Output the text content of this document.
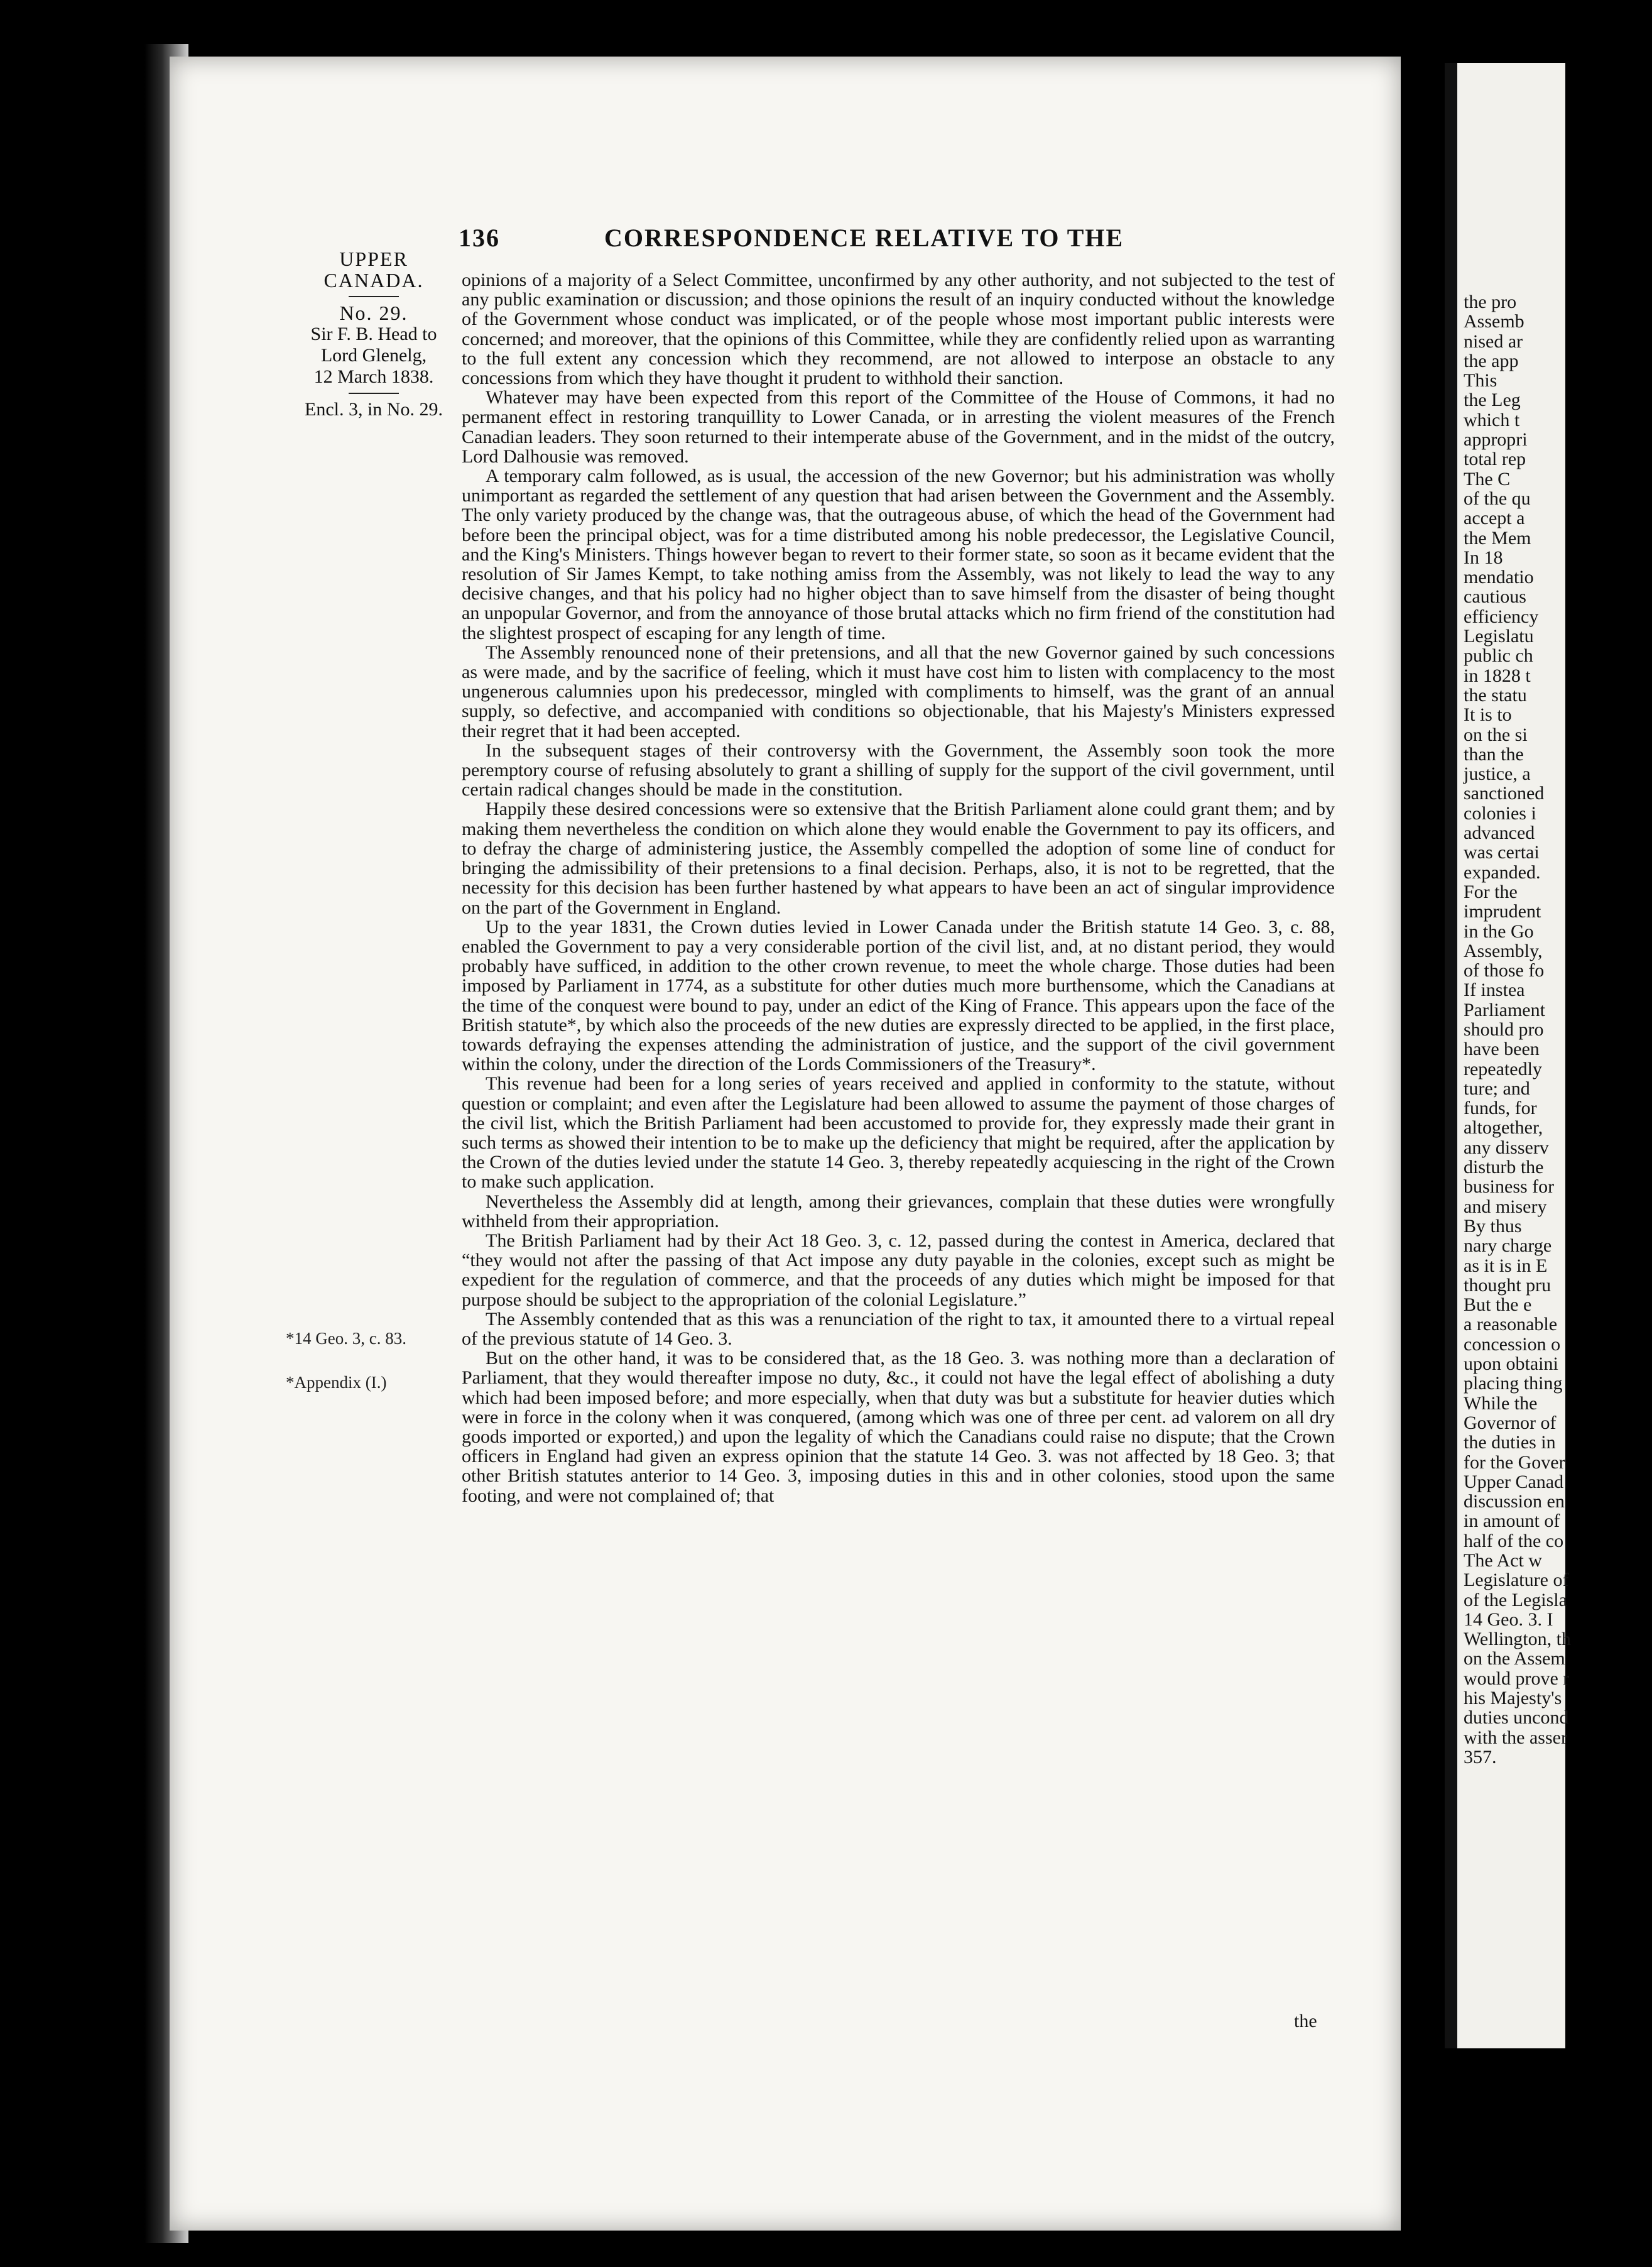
136	CORRESPONDENCE RELATIVE TO THE
UPPER
CANADA.
No. 29.
Sir F. B. Head to
Lord Glenelg,
12 March 1838.
Encl. 3, in No. 29.
*14 Geo. 3, c. 83.
*Appendix (I.)

opinions of a majority of a Select Committee, unconfirmed by any other authority, and not subjected to the test of any public examination or discussion; and those opinions the result of an inquiry conducted without the knowledge of the Government whose conduct was implicated, or of the people whose most important public interests were concerned; and moreover, that the opinions of this Committee, while they are confidently relied upon as warranting to the full extent any concession which they recommend, are not allowed to interpose an obstacle to any concessions from which they have thought it prudent to withhold their sanction.

Whatever may have been expected from this report of the Committee of the House of Commons, it had no permanent effect in restoring tranquillity to Lower Canada, or in arresting the violent measures of the French Canadian leaders. They soon returned to their intemperate abuse of the Government, and in the midst of the outcry, Lord Dalhousie was removed.

A temporary calm followed, as is usual, the accession of the new Governor; but his administration was wholly unimportant as regarded the settlement of any question that had arisen between the Government and the Assembly. The only variety produced by the change was, that the outrageous abuse, of which the head of the Government had before been the principal object, was for a time distributed among his noble predecessor, the Legislative Council, and the King's Ministers. Things however began to revert to their former state, so soon as it became evident that the resolution of Sir James Kempt, to take nothing amiss from the Assembly, was not likely to lead the way to any decisive changes, and that his policy had no higher object than to save himself from the disaster of being thought an unpopular Governor, and from the annoyance of those brutal attacks which no firm friend of the constitution had the slightest prospect of escaping for any length of time.

The Assembly renounced none of their pretensions, and all that the new Governor gained by such concessions as were made, and by the sacrifice of feeling, which it must have cost him to listen with complacency to the most ungenerous calumnies upon his predecessor, mingled with compliments to himself, was the grant of an annual supply, so defective, and accompanied with conditions so objectionable, that his Majesty's Ministers expressed their regret that it had been accepted.

In the subsequent stages of their controversy with the Government, the Assembly soon took the more peremptory course of refusing absolutely to grant a shilling of supply for the support of the civil government, until certain radical changes should be made in the constitution.

Happily these desired concessions were so extensive that the British Parliament alone could grant them; and by making them nevertheless the condition on which alone they would enable the Government to pay its officers, and to defray the charge of administering justice, the Assembly compelled the adoption of some line of conduct for bringing the admissibility of their pretensions to a final decision. Perhaps, also, it is not to be regretted, that the necessity for this decision has been further hastened by what appears to have been an act of singular improvidence on the part of the Government in England.

Up to the year 1831, the Crown duties levied in Lower Canada under the British statute 14 Geo. 3, c. 88, enabled the Government to pay a very considerable portion of the civil list, and, at no distant period, they would probably have sufficed, in addition to the other crown revenue, to meet the whole charge. Those duties had been imposed by Parliament in 1774, as a substitute for other duties much more burthensome, which the Canadians at the time of the conquest were bound to pay, under an edict of the King of France. This appears upon the face of the British statute*, by which also the proceeds of the new duties are expressly directed to be applied, in the first place, towards defraying the expenses attending the administration of justice, and the support of the civil government within the colony, under the direction of the Lords Commissioners of the Treasury*.

This revenue had been for a long series of years received and applied in conformity to the statute, without question or complaint; and even after the Legislature had been allowed to assume the payment of those charges of the civil list, which the British Parliament had been accustomed to provide for, they expressly made their grant in such terms as showed their intention to be to make up the deficiency that might be required, after the application by the Crown of the duties levied under the statute 14 Geo. 3, thereby repeatedly acquiescing in the right of the Crown to make such application.

Nevertheless the Assembly did at length, among their grievances, complain that these duties were wrongfully withheld from their appropriation.

The British Parliament had by their Act 18 Geo. 3, c. 12, passed during the contest in America, declared that “they would not after the passing of that Act impose any duty payable in the colonies, except such as might be expedient for the regulation of commerce, and that the proceeds of any duties which might be imposed for that purpose should be subject to the appropriation of the colonial Legislature.”

The Assembly contended that as this was a renunciation of the right to tax, it amounted there to a virtual repeal of the previous statute of 14 Geo. 3.

But on the other hand, it was to be considered that, as the 18 Geo. 3. was nothing more than a declaration of Parliament, that they would thereafter impose no duty, &c., it could not have the legal effect of abolishing a duty which had been imposed before; and more especially, when that duty was but a substitute for heavier duties which were in force in the colony when it was conquered, (among which was one of three per cent. ad valorem on all dry goods imported or exported,) and upon the legality of which the Canadians could raise no dispute; that the Crown officers in England had given an express opinion that the statute 14 Geo. 3. was not affected by 18 Geo. 3; that other British statutes anterior to 14 Geo. 3, imposing duties in this and in other colonies, stood upon the same footing, and were not complained of; that

the
the pro
Assemb
nised ar
the app
This
the Leg
which t
appropri
total rep
The C
of the qu
accept a
the Mem
In 18
mendatio
cautious
efficiency
Legislatu
public ch
in 1828 t
the statu
It is to
on the si
than the
justice, a
sanctioned
colonies i
advanced
was certai
expanded.
For the
imprudent
in the Go
Assembly,
of those fo
If instea
Parliament
should pro
have been
repeatedly
ture; and
funds, for
altogether,
any disserv
disturb the
business for
and misery
By thus
nary charge
as it is in E
thought pru
But the e
a reasonable
concession o
upon obtaini
placing thing
While the
Governor of
the duties in
for the Gover
Upper Canad
discussion en
in amount of
half of the co
The Act w
Legislature of
of the Legisla
14 Geo. 3. I
Wellington, th
on the Assem
would prove r
his Majesty's
duties uncond
with the asser
357.
